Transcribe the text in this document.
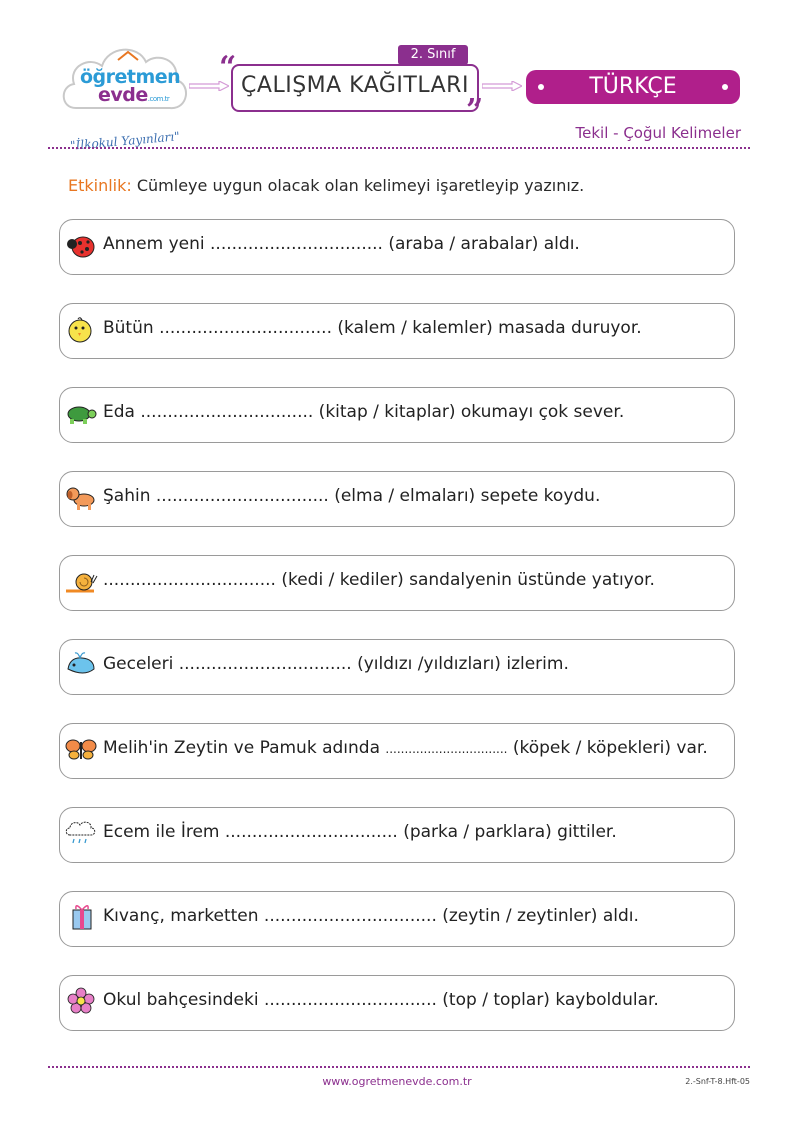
öğretmen
evde.com.tr
"İlkokul Yayınları"
2. Sınıf
“
”
ÇALIŞMA KAĞITLARI	TÜRKÇE
Tekil - Çoğul Kelimeler
Etkinlik: Cümleye uygun olacak olan kelimeyi işaretleyip yazınız.
Annem yeni ................................ (araba / arabalar) aldı.
Bütün ................................ (kalem / kalemler) masada duruyor.
Eda ................................ (kitap / kitaplar) okumayı çok sever.
Şahin ................................ (elma / elmaları) sepete koydu.
................................ (kedi / kediler) sandalyenin üstünde yatıyor.
Geceleri ................................ (yıldızı /yıldızları) izlerim.
Melih'in Zeytin ve Pamuk adında ................................ (köpek / köpekleri) var.
Ecem ile İrem ................................ (parka / parklara) gittiler.
Kıvanç, marketten ................................ (zeytin / zeytinler) aldı.
Okul bahçesindeki ................................ (top / toplar) kayboldular.
www.ogretmenevde.com.tr	2.-Snf-T-8.Hft-05
